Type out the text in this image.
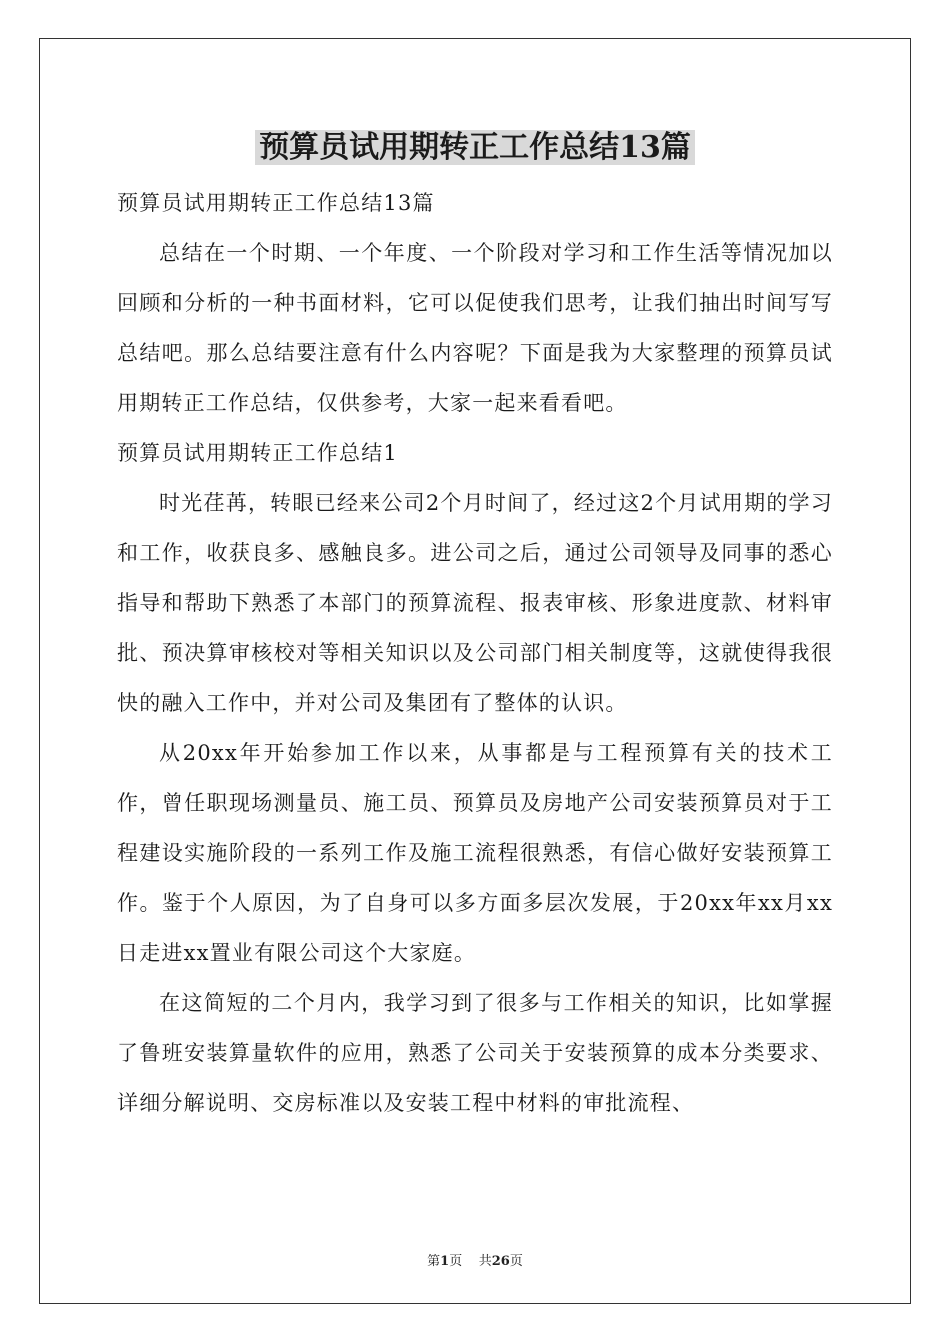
预算员试用期转正工作总结13篇

预算员试用期转正工作总结13篇

总结在一个时期、一个年度、一个阶段对学习和工作生活等情况加以回顾和分析的一种书面材料，它可以促使我们思考，让我们抽出时间写写总结吧。那么总结要注意有什么内容呢？下面是我为大家整理的预算员试用期转正工作总结，仅供参考，大家一起来看看吧。

预算员试用期转正工作总结1

时光荏苒，转眼已经来公司2个月时间了，经过这2个月试用期的学习和工作，收获良多、感触良多。进公司之后，通过公司领导及同事的悉心指导和帮助下熟悉了本部门的预算流程、报表审核、形象进度款、材料审批、预决算审核校对等相关知识以及公司部门相关制度等，这就使得我很快的融入工作中，并对公司及集团有了整体的认识。

从20xx年开始参加工作以来，从事都是与工程预算有关的技术工作，曾任职现场测量员、施工员、预算员及房地产公司安装预算员对于工程建设实施阶段的一系列工作及施工流程很熟悉，有信心做好安装预算工作。鉴于个人原因，为了自身可以多方面多层次发展，于20xx年xx月xx日走进xx置业有限公司这个大家庭。

在这简短的二个月内，我学习到了很多与工作相关的知识，比如掌握了鲁班安装算量软件的应用，熟悉了公司关于安装预算的成本分类要求、详细分解说明、交房标准以及安装工程中材料的审批流程、

第1页    共26页
